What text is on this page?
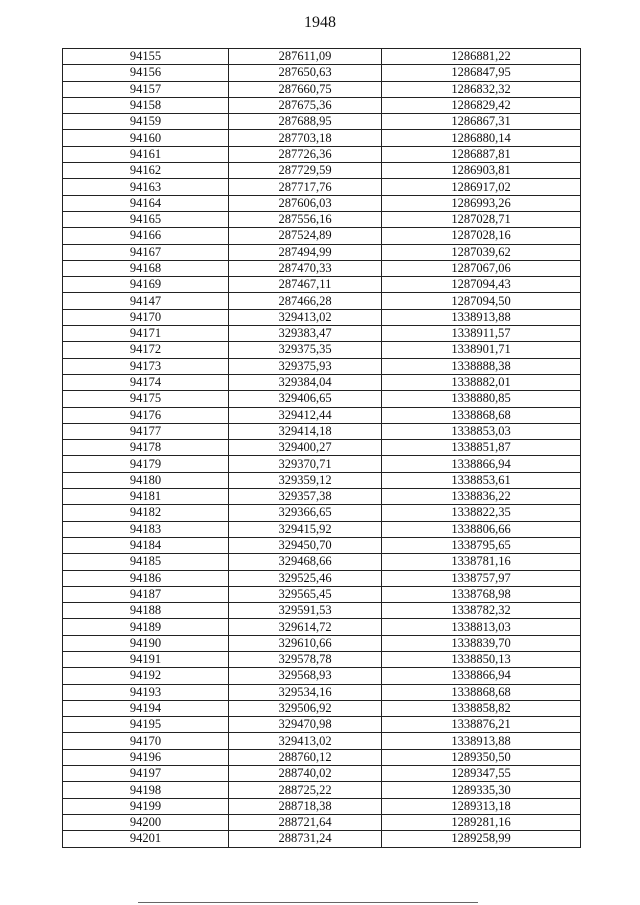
1948
94155	287611,09	1286881,22
94156	287650,63	1286847,95
94157	287660,75	1286832,32
94158	287675,36	1286829,42
94159	287688,95	1286867,31
94160	287703,18	1286880,14
94161	287726,36	1286887,81
94162	287729,59	1286903,81
94163	287717,76	1286917,02
94164	287606,03	1286993,26
94165	287556,16	1287028,71
94166	287524,89	1287028,16
94167	287494,99	1287039,62
94168	287470,33	1287067,06
94169	287467,11	1287094,43
94147	287466,28	1287094,50
94170	329413,02	1338913,88
94171	329383,47	1338911,57
94172	329375,35	1338901,71
94173	329375,93	1338888,38
94174	329384,04	1338882,01
94175	329406,65	1338880,85
94176	329412,44	1338868,68
94177	329414,18	1338853,03
94178	329400,27	1338851,87
94179	329370,71	1338866,94
94180	329359,12	1338853,61
94181	329357,38	1338836,22
94182	329366,65	1338822,35
94183	329415,92	1338806,66
94184	329450,70	1338795,65
94185	329468,66	1338781,16
94186	329525,46	1338757,97
94187	329565,45	1338768,98
94188	329591,53	1338782,32
94189	329614,72	1338813,03
94190	329610,66	1338839,70
94191	329578,78	1338850,13
94192	329568,93	1338866,94
94193	329534,16	1338868,68
94194	329506,92	1338858,82
94195	329470,98	1338876,21
94170	329413,02	1338913,88
94196	288760,12	1289350,50
94197	288740,02	1289347,55
94198	288725,22	1289335,30
94199	288718,38	1289313,18
94200	288721,64	1289281,16
94201	288731,24	1289258,99
